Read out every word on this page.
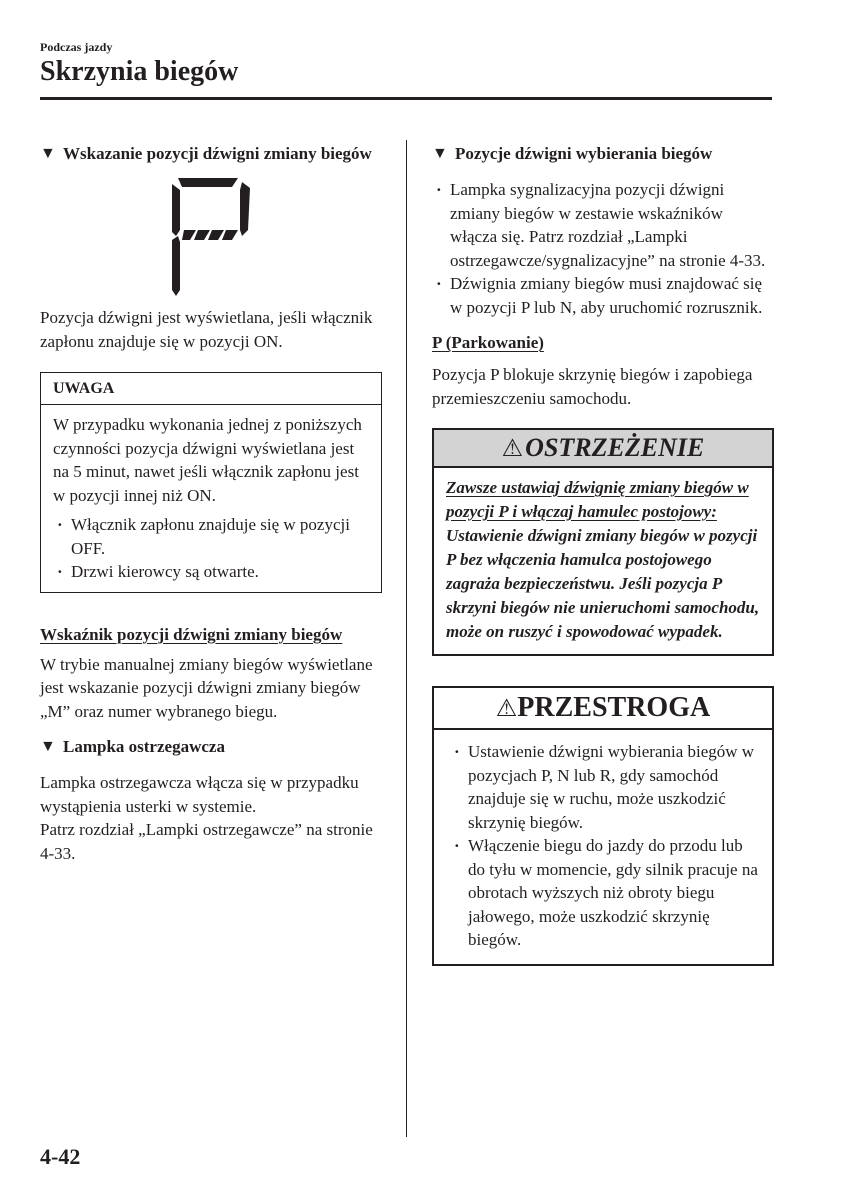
Podczas jazdy
Skrzynia biegów
▼ Wskazanie pozycji dźwigni zmiany biegów

Pozycja dźwigni jest wyświetlana, jeśli włącznik zapłonu znajduje się w pozycji ON.

UWAGA

W przypadku wykonania jednej z poniższych czynności pozycja dźwigni wyświetlana jest na 5 minut, nawet jeśli włącznik zapłonu jest w pozycji innej niż ON.

· Włącznik zapłonu znajduje się w pozycji OFF.
· Drzwi kierowcy są otwarte.
Wskaźnik pozycji dźwigni zmiany biegów

W trybie manualnej zmiany biegów wyświetlane jest wskazanie pozycji dźwigni zmiany biegów „M” oraz numer wybranego biegu.

▼ Lampka ostrzegawcza

Lampka ostrzegawcza włącza się w przypadku wystąpienia usterki w systemie.

Patrz rozdział „Lampki ostrzegawcze” na stronie 4-33.

▼ Pozycje dźwigni wybierania biegów
· Lampka sygnalizacyjna pozycji dźwigni zmiany biegów w zestawie wskaźników włącza się. Patrz rozdział „Lampki ostrzegawcze/sygnalizacyjne” na stronie 4-33.
· Dźwignia zmiany biegów musi znajdować się w pozycji P lub N, aby uruchomić rozrusznik.
P (Parkowanie)

Pozycja P blokuje skrzynię biegów i zapobiega przemieszczeniu samochodu.

⚠OSTRZEŻENIE
Zawsze ustawiaj dźwignię zmiany biegów w pozycji P i włączaj hamulec postojowy:
Ustawienie dźwigni zmiany biegów w pozycji P bez włączenia hamulca postojowego zagraża bezpieczeństwu. Jeśli pozycja P skrzyni biegów nie unieruchomi samochodu, może on ruszyć i spowodować wypadek.
⚠PRZESTROGA
· Ustawienie dźwigni wybierania biegów w pozycjach P, N lub R, gdy samochód znajduje się w ruchu, może uszkodzić skrzynię biegów.
· Włączenie biegu do jazdy do przodu lub do tyłu w momencie, gdy silnik pracuje na obrotach wyższych niż obroty biegu jałowego, może uszkodzić skrzynię biegów.
4-42
